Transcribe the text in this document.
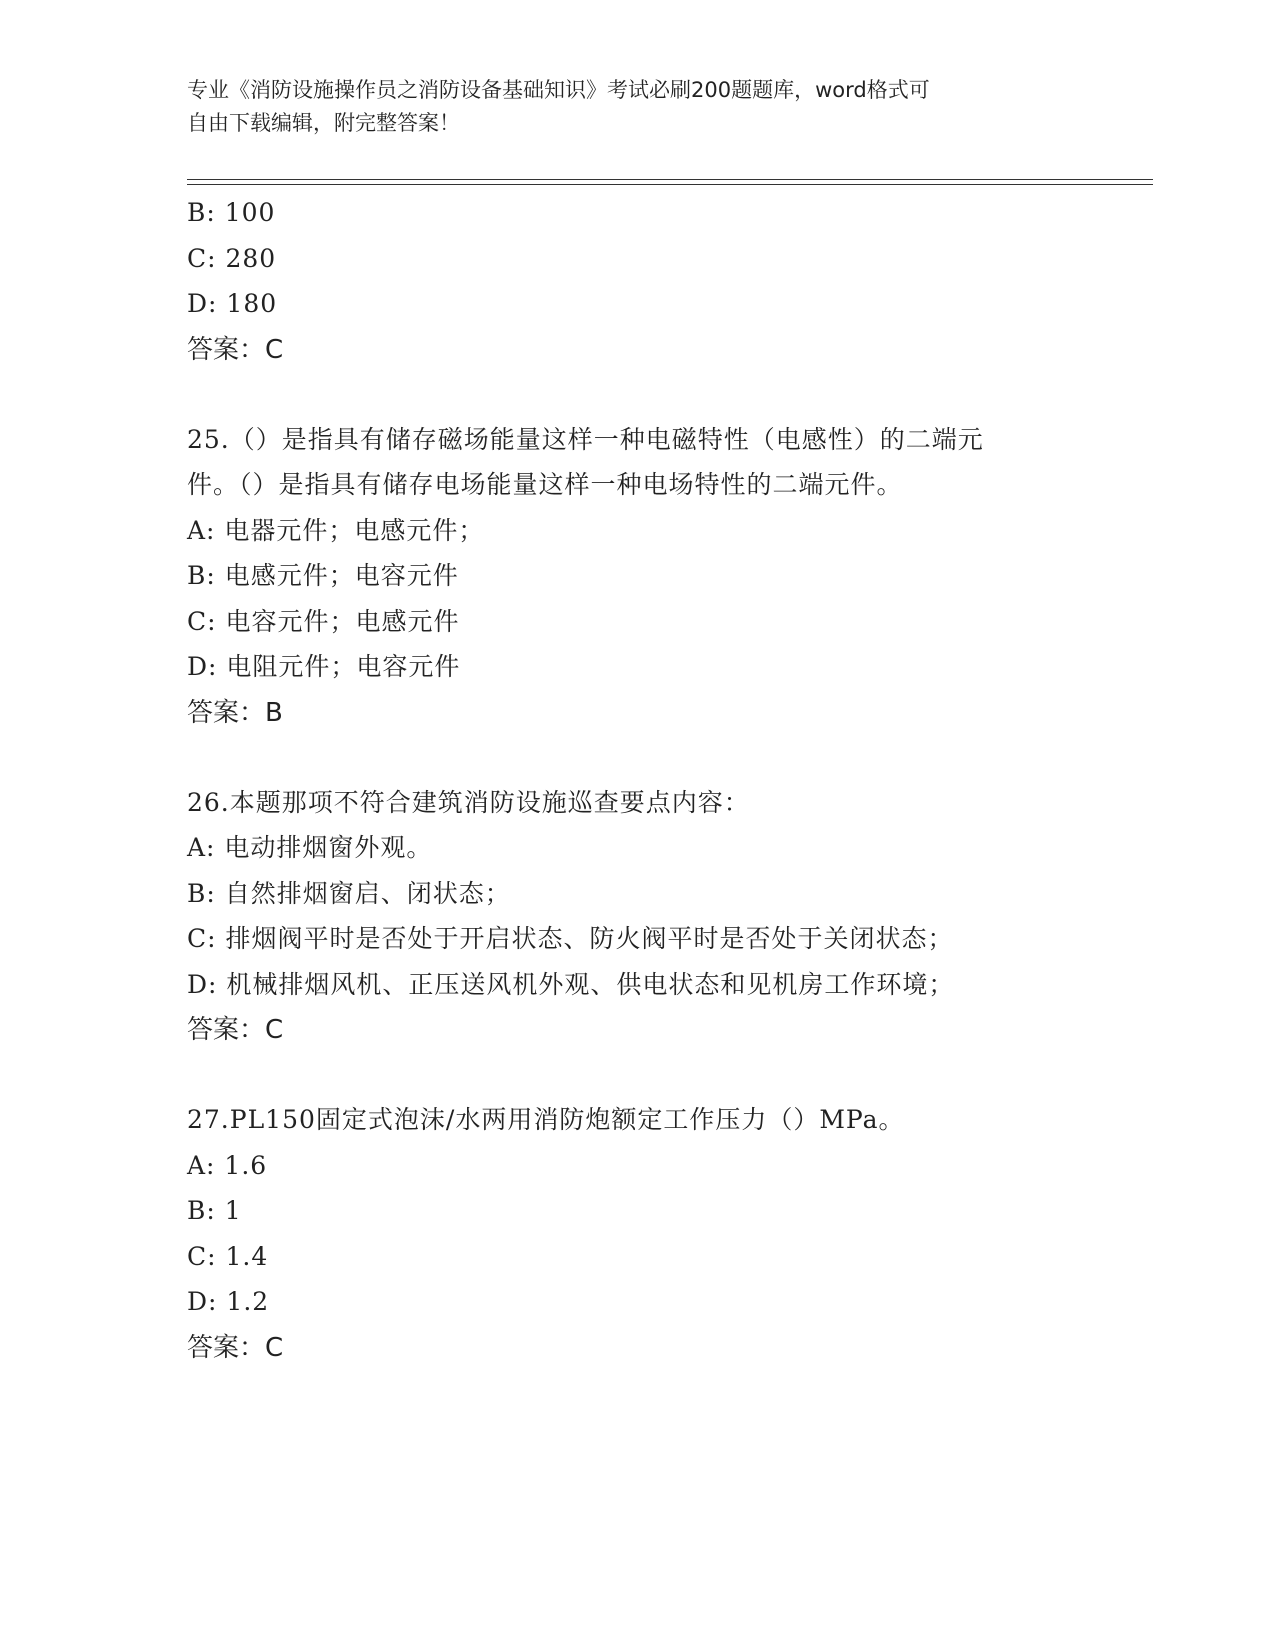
专业《消防设施操作员之消防设备基础知识》考试必刷200题题库，word格式可
自由下载编辑，附完整答案！
B: 100
C: 280
D: 180
答案：C
25.（）是指具有储存磁场能量这样一种电磁特性（电感性）的二端元
件。（）是指具有储存电场能量这样一种电场特性的二端元件。
A: 电器元件；电感元件；
B: 电感元件；电容元件
C: 电容元件；电感元件
D: 电阻元件；电容元件
答案：B
26.本题那项不符合建筑消防设施巡查要点内容：
A: 电动排烟窗外观。
B: 自然排烟窗启、闭状态；
C: 排烟阀平时是否处于开启状态、防火阀平时是否处于关闭状态；
D: 机械排烟风机、正压送风机外观、供电状态和见机房工作环境；
答案：C
27.PL150固定式泡沫/水两用消防炮额定工作压力（）MPa。
A: 1.6
B: 1
C: 1.4
D: 1.2
答案：C
